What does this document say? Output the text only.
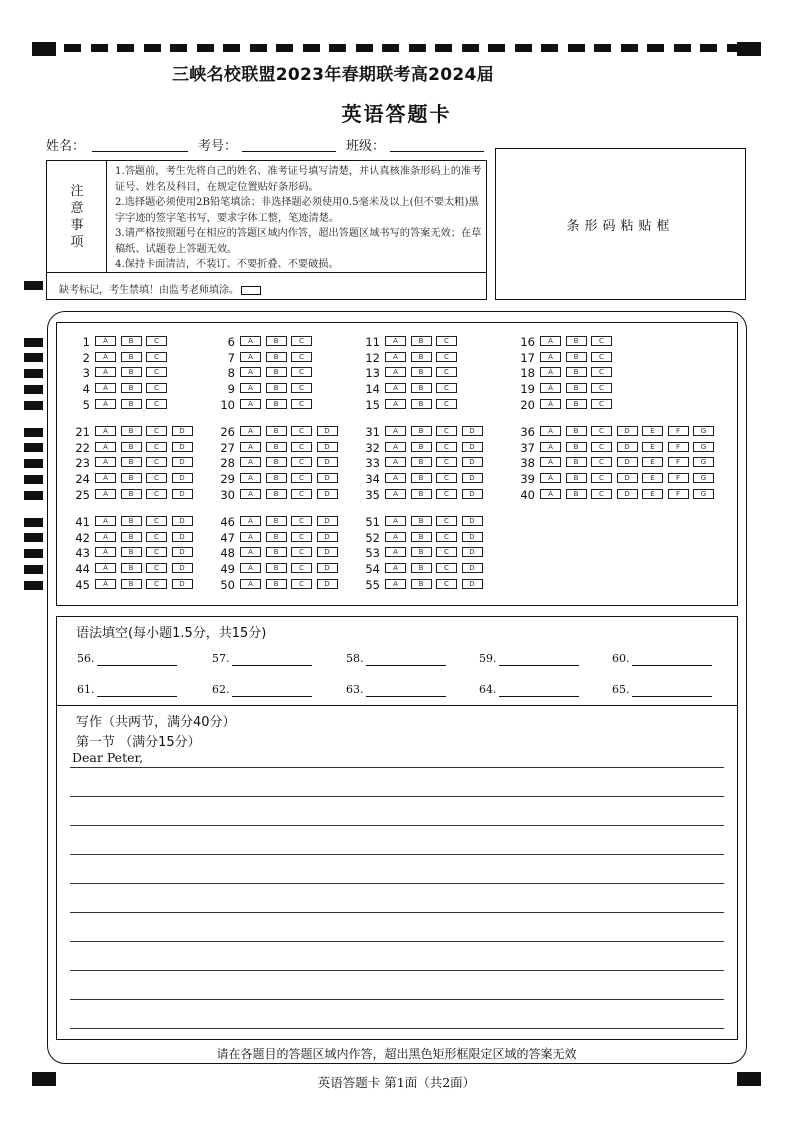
三峡名校联盟2023年春期联考高2024届
英语答题卡
姓名：	考号：	班级：
注意事项

1.答题前，考生先将自己的姓名、准考证号填写清楚，并认真核准条形码上的准考证号、姓名及科目，在规定位置贴好条形码。

2.选择题必须使用2B铅笔填涂；非选择题必须使用0.5毫米及以上(但不要太粗)黑字字迹的签字笔书写，要求字体工整，笔迹清楚。

3.请严格按照题号在相应的答题区域内作答，超出答题区域书写的答案无效；在草稿纸、试题卷上答题无效。

4.保持卡面清洁，不装订、不要折叠、不要破损。

缺考标记，考生禁填！由监考老师填涂。
条形码粘贴框
1	A	B	C
2	A	B	C
3	A	B	C
4	A	B	C
5	A	B	C
6	A	B	C
7	A	B	C
8	A	B	C
9	A	B	C
10	A	B	C
11	A	B	C
12	A	B	C
13	A	B	C
14	A	B	C
15	A	B	C
16	A	B	C
17	A	B	C
18	A	B	C
19	A	B	C
20	A	B	C
21	A	B	C	D
22	A	B	C	D
23	A	B	C	D
24	A	B	C	D
25	A	B	C	D
26	A	B	C	D
27	A	B	C	D
28	A	B	C	D
29	A	B	C	D
30	A	B	C	D
31	A	B	C	D
32	A	B	C	D
33	A	B	C	D
34	A	B	C	D
35	A	B	C	D
36	A	B	C	D	E	F	G
37	A	B	C	D	E	F	G
38	A	B	C	D	E	F	G
39	A	B	C	D	E	F	G
40	A	B	C	D	E	F	G
41	A	B	C	D
42	A	B	C	D
43	A	B	C	D
44	A	B	C	D
45	A	B	C	D
46	A	B	C	D
47	A	B	C	D
48	A	B	C	D
49	A	B	C	D
50	A	B	C	D
51	A	B	C	D
52	A	B	C	D
53	A	B	C	D
54	A	B	C	D
55	A	B	C	D
语法填空(每小题1.5分，共15分)
56.	57.	58.	59.	60.
61.	62.	63.	64.	65.
写作（共两节，满分40分）
第一节 （满分15分）
Dear Peter,
请在各题目的答题区域内作答，超出黑色矩形框限定区域的答案无效
英语答题卡 第1面（共2面）
